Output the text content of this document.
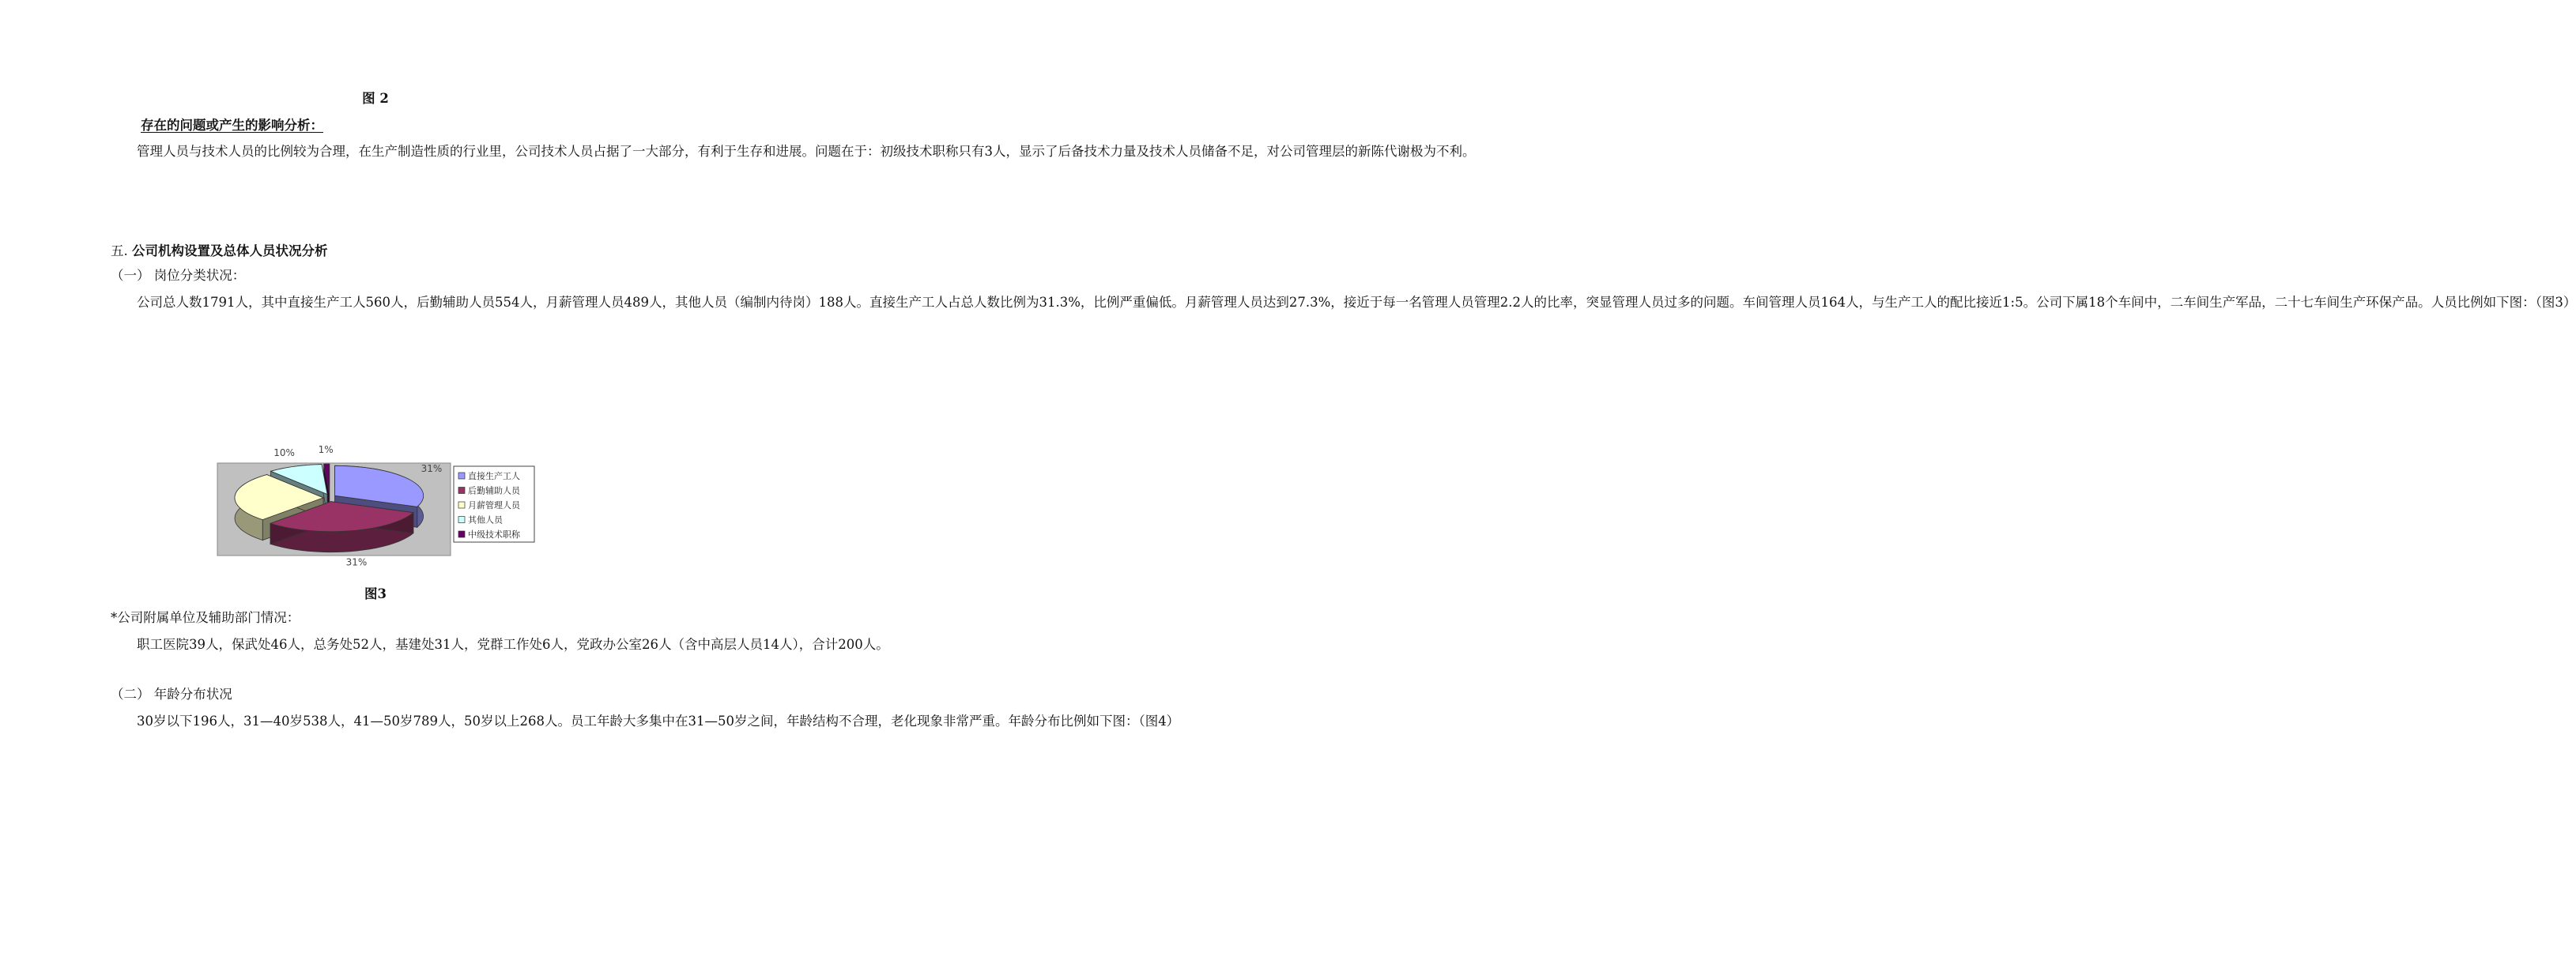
图 2
存在的问题或产生的影响分析：

管理人员与技术人员的比例较为合理，在生产制造性质的行业里，公司技术人员占据了一大部分，有利于生存和进展。问题在于：初级技术职称只有3人，显示了后备技术力量及技术人员储备不足，对公司管理层的新陈代谢极为不利。

五. 公司机构设置及总体人员状况分析
（一） 岗位分类状况：

公司总人数1791人，其中直接生产工人560人，后勤辅助人员554人，月薪管理人员489人，其他人员（编制内待岗）188人。直接生产工人占总人数比例为31.3%，比例严重偏低。月薪管理人员达到27.3%，接近于每一名管理人员管理2.2人的比率，突显管理人员过多的问题。车间管理人员164人，与生产工人的配比接近1:5。公司下属18个车间中，二车间生产军品，二十七车间生产环保产品。人员比例如下图：（图3）

31%
31%
10% 1%
直接生产工人
后勤辅助人员
月薪管理人员
其他人员
中级技术职称
图3
*公司附属单位及辅助部门情况：

职工医院39人，保武处46人，总务处52人，基建处31人，党群工作处6人，党政办公室26人（含中高层人员14人），合计200人。

（二） 年龄分布状况

30岁以下196人，31—40岁538人，41—50岁789人，50岁以上268人。员工年龄大多集中在31—50岁之间，年龄结构不合理，老化现象非常严重。年龄分布比例如下图：（图4）
